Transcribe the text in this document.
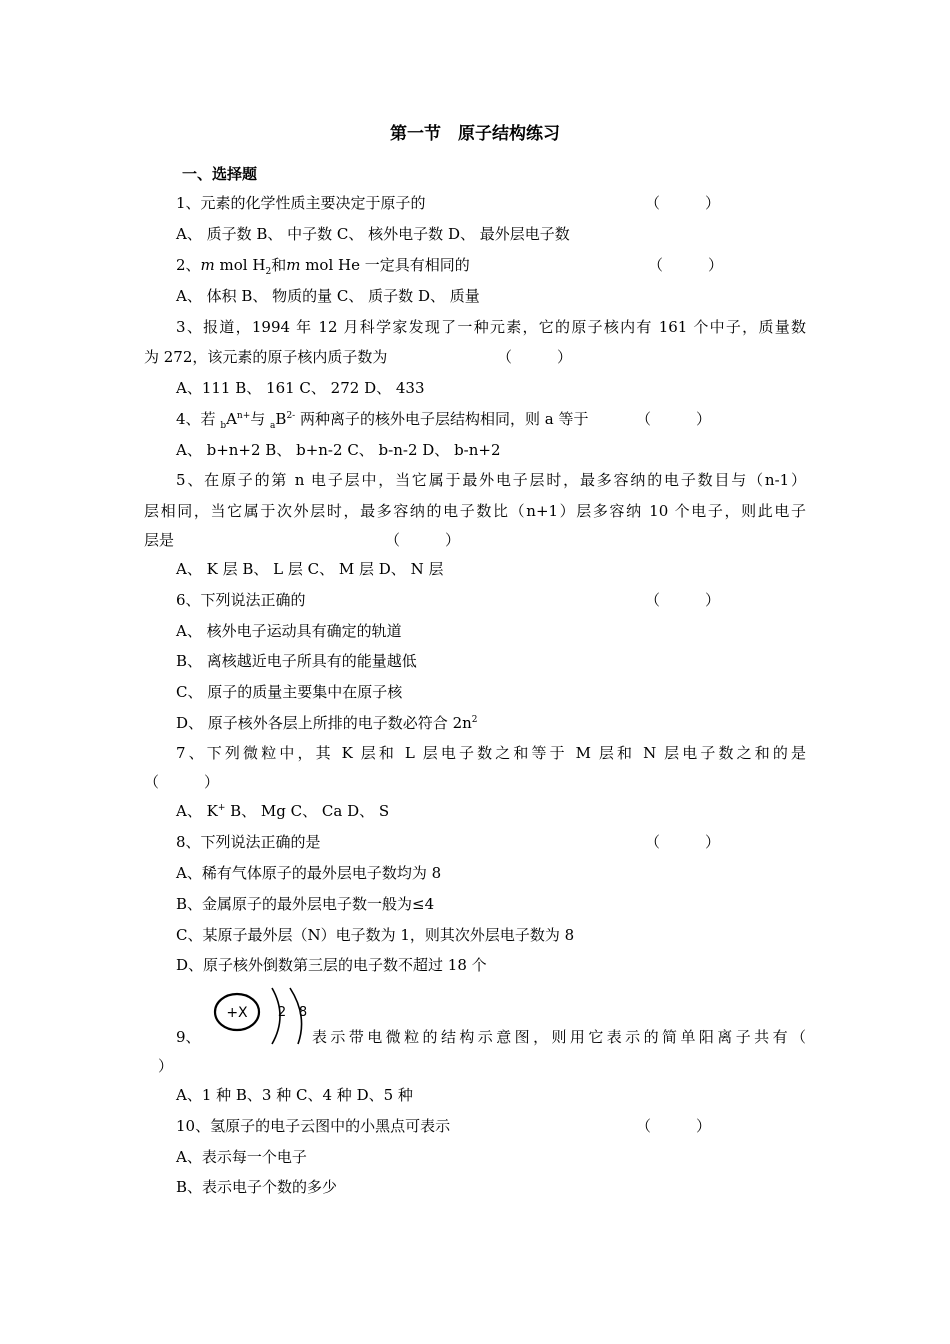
第一节　原子结构练习
一、选择题
1、元素的化学性质主要决定于原子的	（　　　）
A、 质子数 B、 中子数 C、 核外电子数 D、 最外层电子数
2、m mol $H_2$和m mol He 一定具有相同的	（　　　）
A、 体积 B、 物质的量 C、 质子数 D、 质量
3、报道，1994 年 12 月科学家发现了一种元素，它的原子核内有 161 个中子，质量数
为 272，该元素的原子核内质子数为	（　　　）
A、111 B、 161 C、 272 D、 433
4、若 $_bA^{n+}$与 $_aB^{2-}$ 两种离子的核外电子层结构相同，则 a 等于	（　　　）
A、 b+n+2 B、 b+n-2 C、 b-n-2 D、 b-n+2
5、在原子的第 n 电子层中，当它属于最外电子层时，最多容纳的电子数目与（n-1）
层相同，当它属于次外层时，最多容纳的电子数比（n+1）层多容纳 10 个电子，则此电子
层是	（　　　）
A、 K 层 B、 L 层 C、 M 层 D、 N 层
6、下列说法正确的	（　　　）
A、 核外电子运动具有确定的轨道
B、 离核越近电子所具有的能量越低
C、 原子的质量主要集中在原子核
D、 原子核外各层上所排的电子数必符合 $2n^2$
7、下列微粒中，其 K 层和 L 层电子数之和等于 M 层和 N 层电子数之和的是
（　　　）
A、 K+ B、 Mg C、 Ca D、 S
8、下列说法正确的是	（　　　）
A、稀有气体原子的最外层电子数均为 8
B、金属原子的最外层电子数一般为≤4
C、某原子最外层（N）电子数为 1，则其次外层电子数为 8
D、原子核外倒数第三层的电子数不超过 18 个
9、
+X 2 8
表示带电微粒的结构示意图，则用它表示的简单阳离子共有（
）
A、1 种 B、3 种 C、4 种 D、5 种
10、氢原子的电子云图中的小黑点可表示	（　　　）
A、表示每一个电子
B、表示电子个数的多少
